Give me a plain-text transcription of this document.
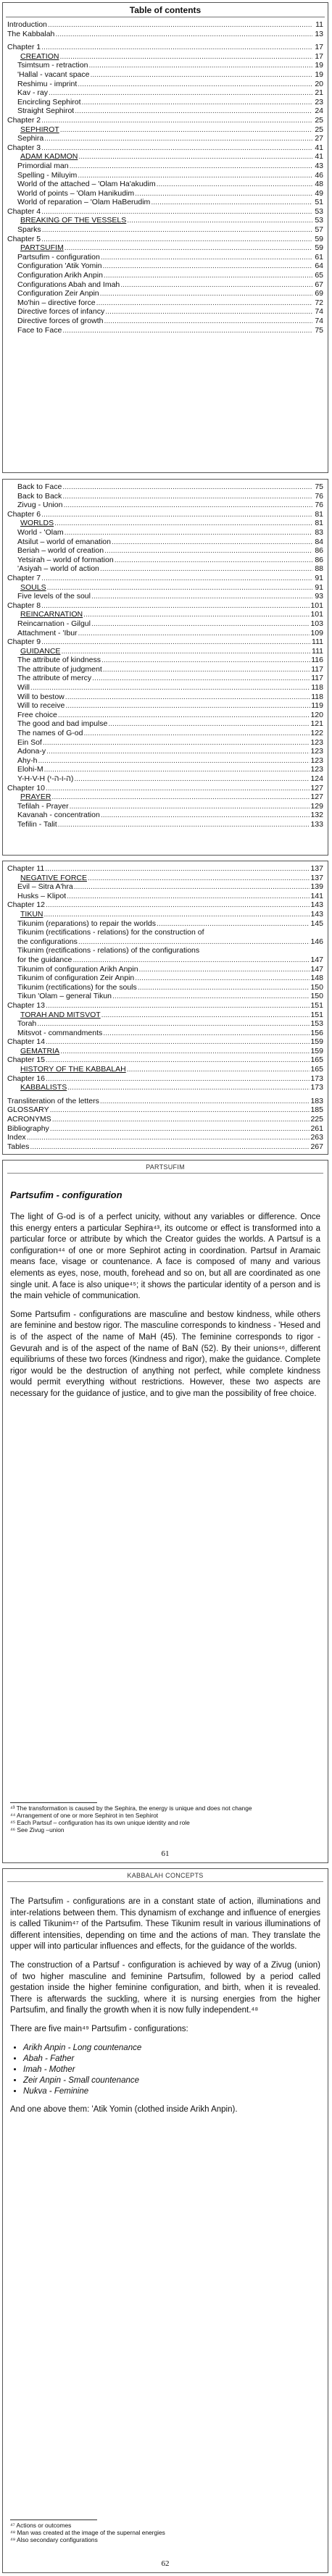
Table of contents
Introduction .....	11
The Kabbalah .....	13
Chapter 1 .....	17
CREATION .....	17
Tsimtsum - retraction .....	19
'Hallal - vacant space .....	19
Reshimu - imprint .....	20
Kav - ray .....	21
Encircling Sephirot .....	23
Straight Sephirot .....	24
Chapter 2 .....	25
SEPHIROT .....	25
Sephira .....	27
Chapter 3 .....	41
ADAM KADMON .....	41
Primordial man .....	43
Spelling - Miluyim .....	46
World of the attached – 'Olam Ha'akudim .....	48
World of points – 'Olam Hanikudim .....	49
World of reparation – 'Olam HaBerudim .....	51
Chapter 4 .....	53
BREAKING OF THE VESSELS .....	53
Sparks .....	57
Chapter 5 .....	59
PARTSUFIM .....	59
Partsufim - configuration .....	61
Configuration 'Atik Yomin .....	64
Configuration Arikh Anpin .....	65
Configurations Abah and Imah .....	67
Configuration Zeir Anpin .....	69
Mo'hin – directive force .....	72
Directive forces of infancy .....	74
Directive forces of growth .....	74
Face to Face .....	75
Back to Face .....	75
Back to Back .....	76
Zivug - Union .....	76
Chapter 6 .....	81
WORLDS .....	81
World - 'Olam .....	83
Atsilut – world of emanation .....	84
Beriah – world of creation .....	86
Yetsirah – world of formation .....	86
'Asiyah – world of action .....	88
Chapter 7 .....	91
SOULS .....	91
Five levels of the soul .....	93
Chapter 8 .....	101
REINCARNATION .....	101
Reincarnation - Gilgul .....	103
Attachment - 'Ibur .....	109
Chapter 9 .....	111
GUIDANCE .....	111
The attribute of kindness .....	116
The attribute of judgment .....	117
The attribute of mercy .....	117
Will .....	118
Will to bestow .....	118
Will to receive .....	119
Free choice .....	120
The good and bad impulse .....	121
The names of G-od .....	122
Ein Sof .....	123
Adona-y .....	123
Ahy-h .....	123
Elohi-M .....	123
Y-H-V-H (ה-ו-ה-י) .....	124
Chapter 10 .....	127
PRAYER .....	127
Tefilah - Prayer .....	129
Kavanah - concentration .....	132
Tefilin - Talit .....	133
Chapter 11 .....	137
NEGATIVE FORCE .....	137
Evil – Sitra A'hra .....	139
Husks – Klipot .....	141
Chapter 12 .....	143
TIKUN .....	143
Tikunim (reparations) to repair the worlds .....	145
Tikunim (rectifications - relations) for the construction of
the configurations .....	146
Tikunim (rectifications - relations) of the configurations
for the guidance .....	147
Tikunim of configuration Arikh Anpin .....	147
Tikunim of configuration Zeir Anpin .....	148
Tikunim (rectifications) for the souls .....	150
Tikun 'Olam – general Tikun .....	150
Chapter 13 .....	151
TORAH AND MITSVOT .....	151
Torah .....	153
Mitsvot - commandments .....	156
Chapter 14 .....	159
GEMATRIA .....	159
Chapter 15 .....	165
HISTORY OF THE KABBALAH .....	165
Chapter 16 .....	173
KABBALISTS .....	173
Transliteration of the letters .....	183
GLOSSARY .....	185
ACRONYMS .....	225
Bibliography .....	261
Index .....	263
Tables .....	267
PARTSUFIM
Partsufim - configuration

The light of G-od is of a perfect unicity, without any variables or difference. Once this energy enters a particular Sephira⁴³, its outcome or effect is transformed into a particular force or attribute by which the Creator guides the worlds. A Partsuf is a configuration⁴⁴ of one or more Sephirot acting in coordination. Partsuf in Aramaic means face, visage or countenance. A face is composed of many and various elements as eyes, nose, mouth, forehead and so on, but all are coordinated as one single unit. A face is also unique⁴⁵; it shows the particular identity of a person and is the main vehicle of communication.

Some Partsufim - configurations are masculine and bestow kindness, while others are feminine and bestow rigor. The masculine corresponds to kindness - 'Hesed and is of the aspect of the name of MaH (45). The feminine corresponds to rigor - Gevurah and is of the aspect of the name of BaN (52). By their unions⁴⁶, different equilibriums of these two forces (Kindness and rigor), make the guidance. Complete rigor would be the destruction of anything not perfect, while complete kindness would permit everything without restrictions. However, these two aspects are necessary for the guidance of justice, and to give man the possibility of free choice.

⁴³ The transformation is caused by the Sephira, the energy is unique and does not change
⁴⁴ Arrangement of one or more Sephirot in ten Sephirot
⁴⁵ Each Partsuf – configuration has its own unique identity and role
⁴⁶ See Zivug –union
61
KABBALAH CONCEPTS

The Partsufim - configurations are in a constant state of action, illuminations and inter-relations between them. This dynamism of exchange and influence of energies is called Tikunim⁴⁷ of the Partsufim. These Tikunim result in various illuminations of different intensities, depending on time and the actions of man. They translate the upper will into particular influences and effects, for the guidance of the worlds.

The construction of a Partsuf - configuration is achieved by way of a Zivug (union) of two higher masculine and feminine Partsufim, followed by a period called gestation inside the higher feminine configuration, and birth, when it is revealed. There is afterwards the suckling, where it is nursing energies from the higher Partsufim, and finally the growth when it is now fully independent.⁴⁸

There are five main⁴⁹ Partsufim - configurations:

• Arikh Anpin - Long countenance
• Abah - Father
• Imah - Mother
• Zeir Anpin - Small countenance
• Nukva - Feminine

And one above them: 'Atik Yomin (clothed inside Arikh Anpin).

⁴⁷ Actions or outcomes
⁴⁸ Man was created at the image of the supernal energies
⁴⁹ Also secondary configurations
62
